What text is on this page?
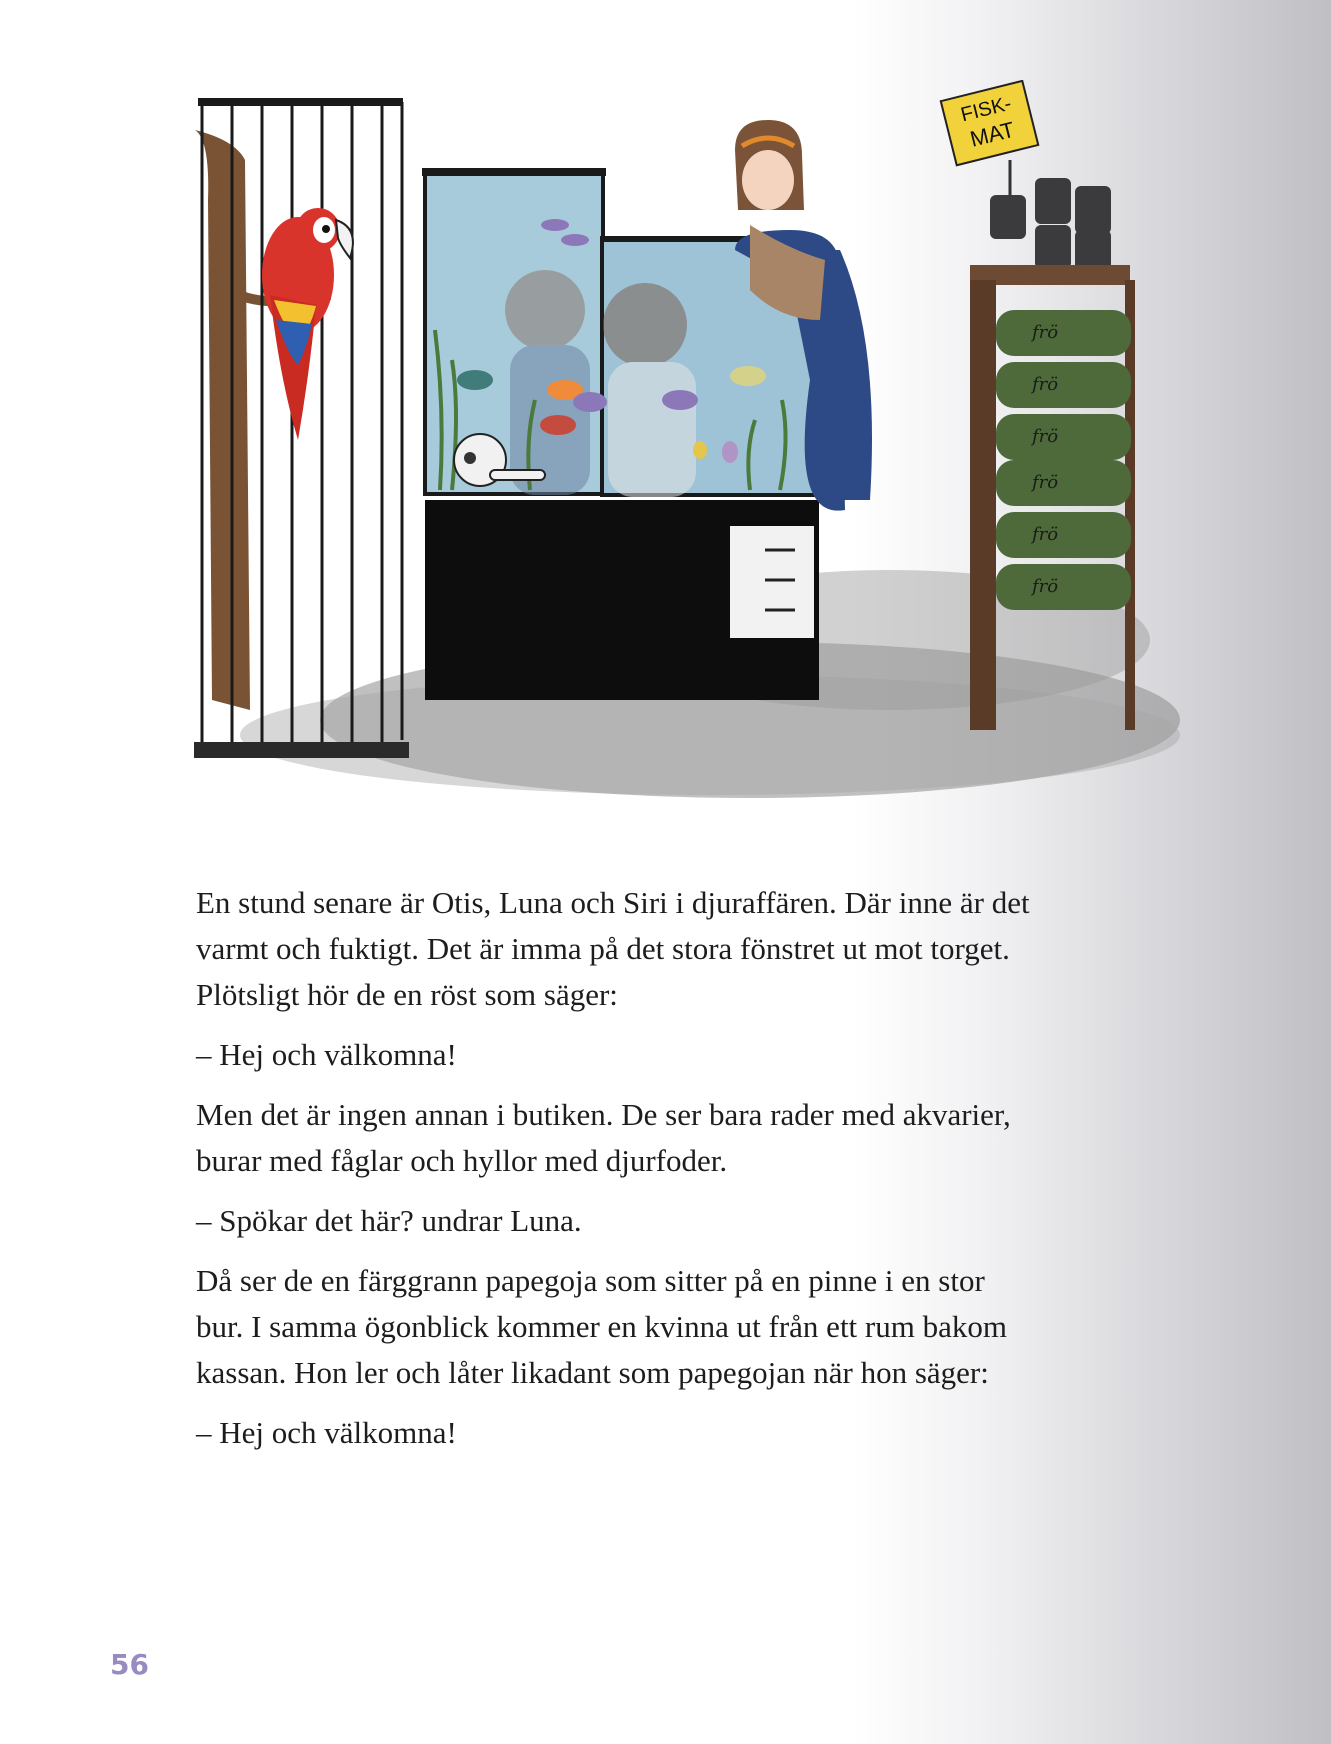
FISK-
MAT
frö
frö
frö
frö
frö
frö

En stund senare är Otis, Luna och Siri i djuraffären. Där inne är det varmt och fuktigt. Det är imma på det stora fönstret ut mot torget. Plötsligt hör de en röst som säger:

– Hej och välkomna!

Men det är ingen annan i butiken. De ser bara rader med akvarier, burar med fåglar och hyllor med djurfoder.

– Spökar det här? undrar Luna.

Då ser de en färggrann papegoja som sitter på en pinne i en stor bur. I samma ögonblick kommer en kvinna ut från ett rum bakom kassan. Hon ler och låter likadant som papegojan när hon säger:

– Hej och välkomna!

56
